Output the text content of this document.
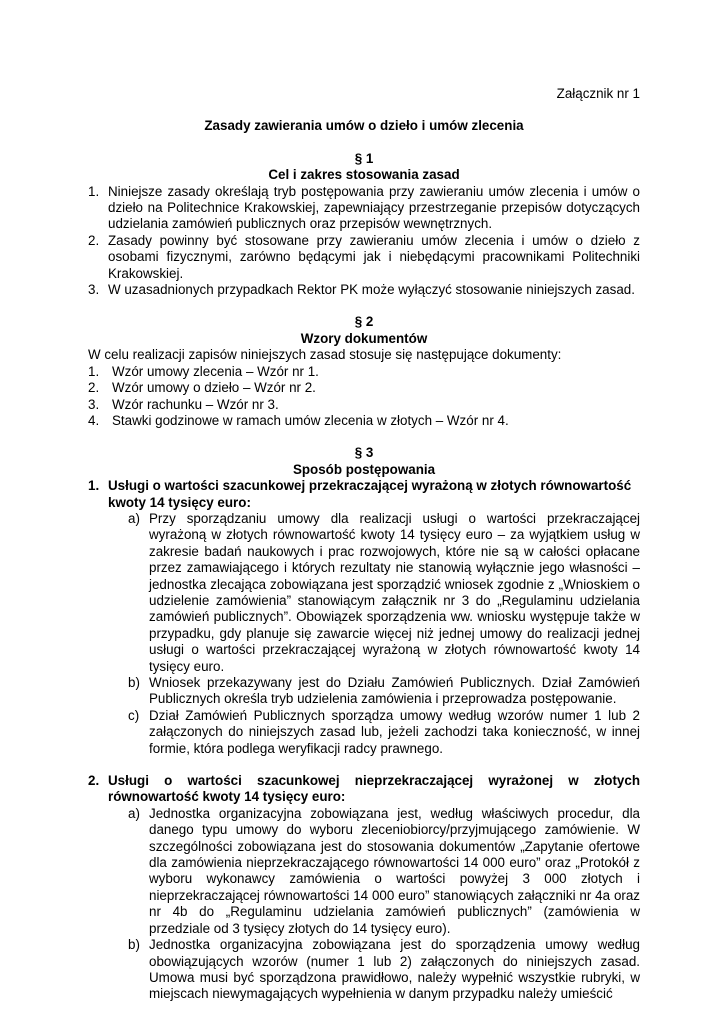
Załącznik nr 1

Zasady zawierania umów o dzieło i umów zlecenia

§ 1

Cel i zakres stosowania zasad

1. Niniejsze zasady określają tryb postępowania przy zawieraniu umów zlecenia i umów o dzieło na Politechnice Krakowskiej, zapewniający przestrzeganie przepisów dotyczących udzielania zamówień publicznych oraz przepisów wewnętrznych.
2. Zasady powinny być stosowane przy zawieraniu umów zlecenia i umów o dzieło z osobami fizycznymi, zarówno będącymi jak i niebędącymi pracownikami Politechniki Krakowskiej.
3. W uzasadnionych przypadkach Rektor PK może wyłączyć stosowanie niniejszych zasad.

§ 2

Wzory dokumentów

W celu realizacji zapisów niniejszych zasad stosuje się następujące dokumenty:

1. Wzór umowy zlecenia – Wzór nr 1.
2. Wzór umowy o dzieło – Wzór nr 2.
3. Wzór rachunku – Wzór nr 3.
4. Stawki godzinowe w ramach umów zlecenia w złotych – Wzór nr 4.

§ 3

Sposób postępowania

1. Usługi o wartości szacunkowej przekraczającej wyrażoną w złotych równowartość kwoty 14 tysięcy euro:
a) Przy sporządzaniu umowy dla realizacji usługi o wartości przekraczającej wyrażoną w złotych równowartość kwoty 14 tysięcy euro – za wyjątkiem usług w zakresie badań naukowych i prac rozwojowych, które nie są w całości opłacane przez zamawiającego i których rezultaty nie stanowią wyłącznie jego własności – jednostka zlecająca zobowiązana jest sporządzić wniosek zgodnie z „Wnioskiem o udzielenie zamówienia” stanowiącym załącznik nr 3 do „Regulaminu udzielania zamówień publicznych”. Obowiązek sporządzenia ww. wniosku występuje także w przypadku, gdy planuje się zawarcie więcej niż jednej umowy do realizacji jednej usługi o wartości przekraczającej wyrażoną w złotych równowartość kwoty 14 tysięcy euro.
b) Wniosek przekazywany jest do Działu Zamówień Publicznych. Dział Zamówień Publicznych określa tryb udzielenia zamówienia i przeprowadza postępowanie.
c) Dział Zamówień Publicznych sporządza umowy według wzorów numer 1 lub 2 załączonych do niniejszych zasad lub, jeżeli zachodzi taka konieczność, w innej formie, która podlega weryfikacji radcy prawnego.
2. Usługi o wartości szacunkowej nieprzekraczającej wyrażonej w złotych równowartość kwoty 14 tysięcy euro:
a) Jednostka organizacyjna zobowiązana jest, według właściwych procedur, dla danego typu umowy do wyboru zleceniobiorcy/przyjmującego zamówienie. W szczególności zobowiązana jest do stosowania dokumentów „Zapytanie ofertowe dla zamówienia nieprzekraczającego równowartości 14 000 euro” oraz „Protokół z wyboru wykonawcy zamówienia o wartości powyżej 3 000 złotych i nieprzekraczającej równowartości 14 000 euro” stanowiących załączniki nr 4a oraz nr 4b do „Regulaminu udzielania zamówień publicznych” (zamówienia w przedziale od 3 tysięcy złotych do 14 tysięcy euro).
b) Jednostka organizacyjna zobowiązana jest do sporządzenia umowy według obowiązujących wzorów (numer 1 lub 2) załączonych do niniejszych zasad. Umowa musi być sporządzona prawidłowo, należy wypełnić wszystkie rubryki, w miejscach niewymagających wypełnienia w danym przypadku należy umieścić
